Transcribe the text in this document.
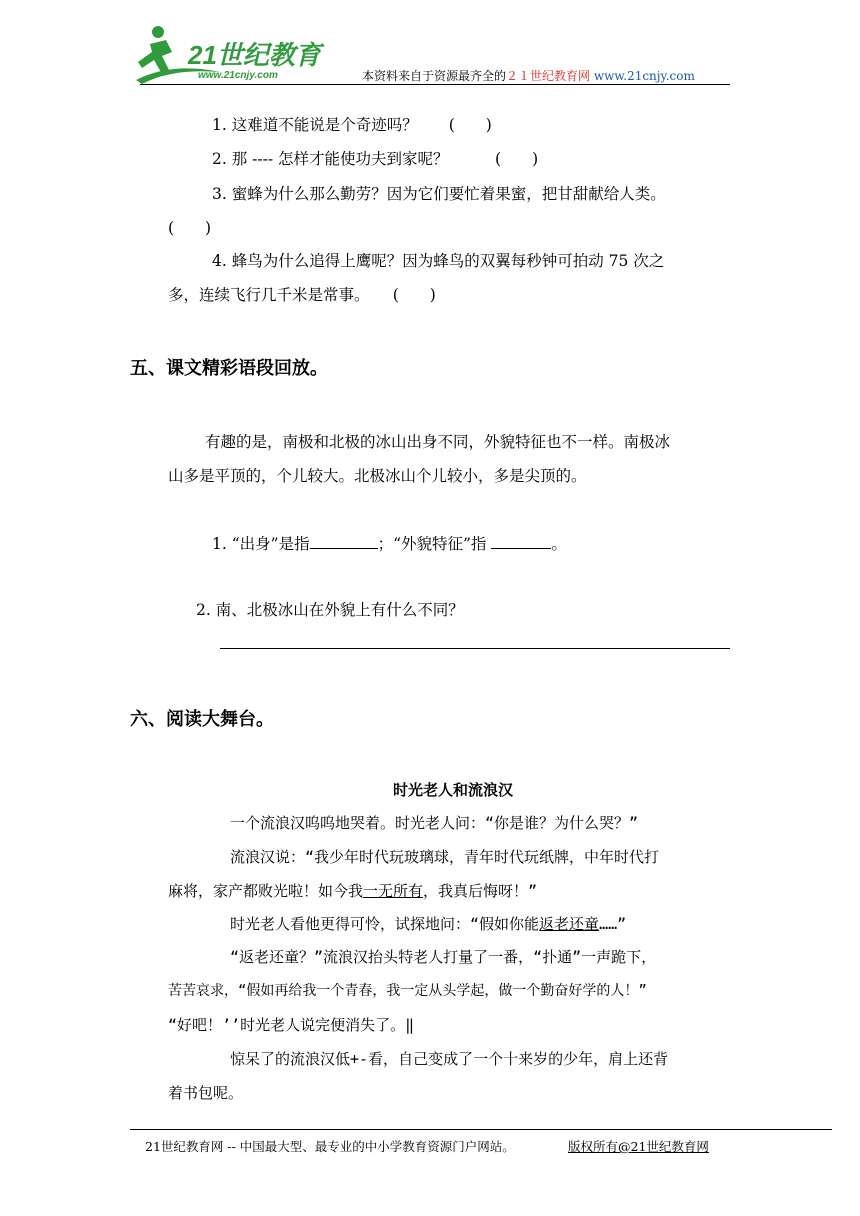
21世纪教育
www.21cnjy.com	本资料来自于资源最齐全的２１世纪教育网 www.21cnjy.com
1. 这难道不能说是个奇迹吗？　　(　　)
2. 那 ---- 怎样才能使功夫到家呢？　　　(　　)
3. 蜜蜂为什么那么勤劳？因为它们要忙着果蜜，把甘甜献给人类。
(　　)
4. 蜂鸟为什么追得上鹰呢？因为蜂鸟的双翼每秒钟可拍动 75 次之
多，连续飞行几千米是常事。　　(　　)
五、课文精彩语段回放。
有趣的是，南极和北极的冰山出身不同，外貌特征也不一样。南极冰
山多是平顶的，个儿较大。北极冰山个儿较小，多是尖顶的。
1. “出身”是指	；“外貌特征”指	。
2. 南、北极冰山在外貌上有什么不同？
六、阅读大舞台。
时光老人和流浪汉
一个流浪汉呜呜地哭着。时光老人问：“你是谁？为什么哭？”
流浪汉说：“我少年时代玩玻璃球，青年时代玩纸牌，中年时代打
麻将，家产都败光啦！如今我一无所有，我真后悔呀！”
时光老人看他更得可怜，试探地问：“假如你能返老还童……”
“返老还童？”流浪汉抬头特老人打量了一番，“扑通”一声跪下，
苦苦哀求，“假如再给我一个青春，我一定从头学起，做一个勤奋好学的人！”
“好吧！’’时光老人说完便消失了。‖
惊呆了的流浪汉低+-看，自己变成了一个十来岁的少年，肩上还背
着书包呢。
21世纪教育网 -- 中国最大型、最专业的中小学教育资源门户网站。	版权所有@21世纪教育网
